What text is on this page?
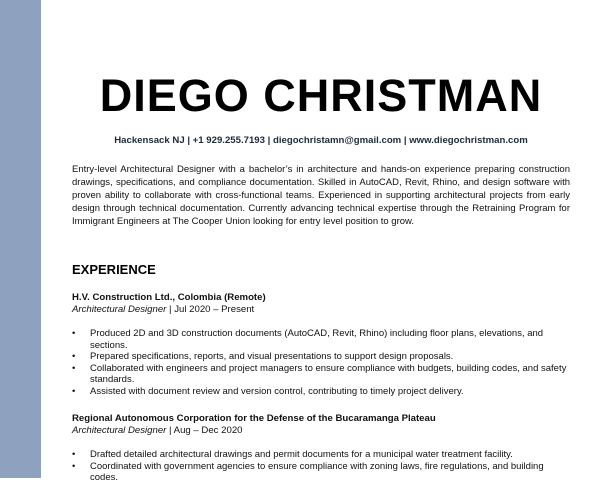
DIEGO CHRISTMAN
Hackensack NJ | +1 929.255.7193 | diegochristamn@gmail.com | www.diegochristman.com

Entry-level Architectural Designer with a bachelor’s in architecture and hands-on experience preparing construction drawings, specifications, and compliance documentation. Skilled in AutoCAD, Revit, Rhino, and design software with proven ability to collaborate with cross-functional teams. Experienced in supporting architectural projects from early design through technical documentation. Currently advancing technical expertise through the Retraining Program for Immigrant Engineers at The Cooper Union looking for entry level position to grow.

EXPERIENCE

H.V. Construction Ltd., Colombia (Remote)

Architectural Designer | Jul 2020 – Present

• Produced 2D and 3D construction documents (AutoCAD, Revit, Rhino) including floor plans, elevations, and sections.
• Prepared specifications, reports, and visual presentations to support design proposals.
• Collaborated with engineers and project managers to ensure compliance with budgets, building codes, and safety standards.
• Assisted with document review and version control, contributing to timely project delivery.

Regional Autonomous Corporation for the Defense of the Bucaramanga Plateau

Architectural Designer | Aug – Dec 2020

• Drafted detailed architectural drawings and permit documents for a municipal water treatment facility.
• Coordinated with government agencies to ensure compliance with zoning laws, fire regulations, and building codes.
